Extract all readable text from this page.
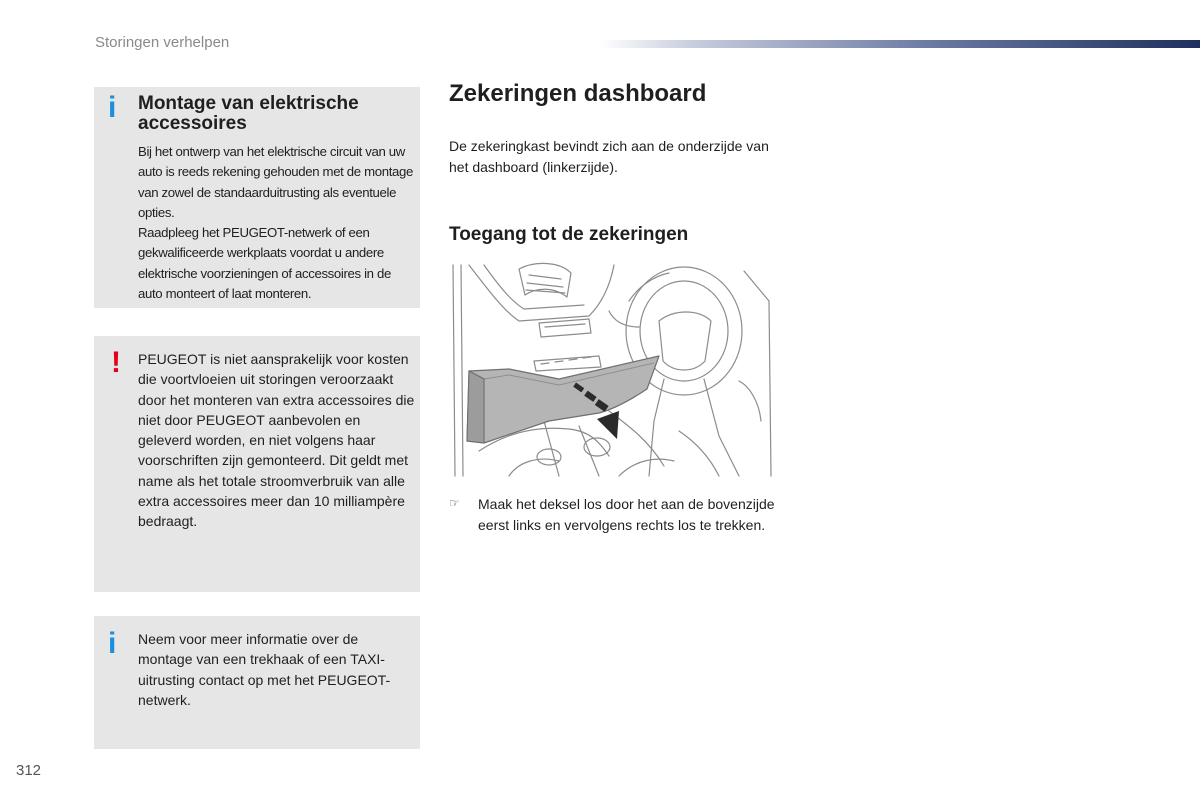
Storingen verhelpen
i Montage van elektrische accessoires

Bij het ontwerp van het elektrische circuit van uw auto is reeds rekening gehouden met de montage van zowel de standaarduitrusting als eventuele opties.

Raadpleeg het PEUGEOT-netwerk of een gekwalificeerde werkplaats voordat u andere elektrische voorzieningen of accessoires in de auto monteert of laat monteren.

! PEUGEOT is niet aansprakelijk voor kosten die voortvloeien uit storingen veroorzaakt door het monteren van extra accessoires die niet door PEUGEOT aanbevolen en geleverd worden, en niet volgens haar voorschriften zijn gemonteerd. Dit geldt met name als het totale stroomverbruik van alle extra accessoires meer dan 10 milliampère bedraagt.
i Neem voor meer informatie over de montage van een trekhaak of een TAXI-uitrusting contact op met het PEUGEOT-netwerk.
Zekeringen dashboard
De zekeringkast bevindt zich aan de onderzijde van het dashboard (linkerzijde).
Toegang tot de zekeringen
☞ Maak het deksel los door het aan de bovenzijde eerst links en vervolgens rechts los te trekken.
312
